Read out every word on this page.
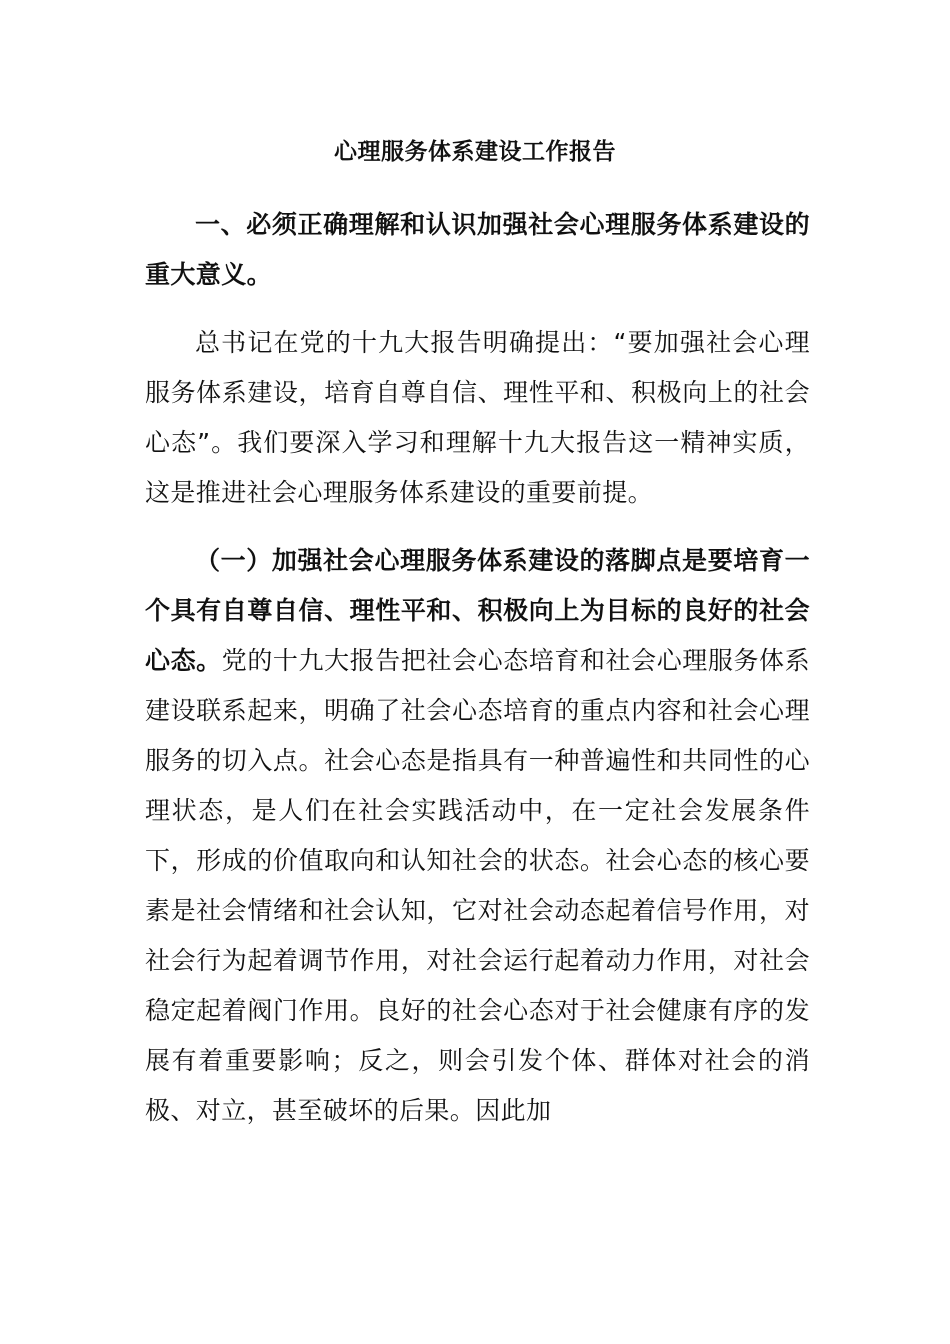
心理服务体系建设工作报告

一、必须正确理解和认识加强社会心理服务体系建设的重大意义。

总书记在党的十九大报告明确提出：“要加强社会心理服务体系建设，培育自尊自信、理性平和、积极向上的社会心态”。我们要深入学习和理解十九大报告这一精神实质，这是推进社会心理服务体系建设的重要前提。

（一）加强社会心理服务体系建设的落脚点是要培育一个具有自尊自信、理性平和、积极向上为目标的良好的社会心态。党的十九大报告把社会心态培育和社会心理服务体系建设联系起来，明确了社会心态培育的重点内容和社会心理服务的切入点。社会心态是指具有一种普遍性和共同性的心理状态，是人们在社会实践活动中，在一定社会发展条件下，形成的价值取向和认知社会的状态。社会心态的核心要素是社会情绪和社会认知，它对社会动态起着信号作用，对社会行为起着调节作用，对社会运行起着动力作用，对社会稳定起着阀门作用。良好的社会心态对于社会健康有序的发展有着重要影响；反之，则会引发个体、群体对社会的消极、对立，甚至破坏的后果。因此加
